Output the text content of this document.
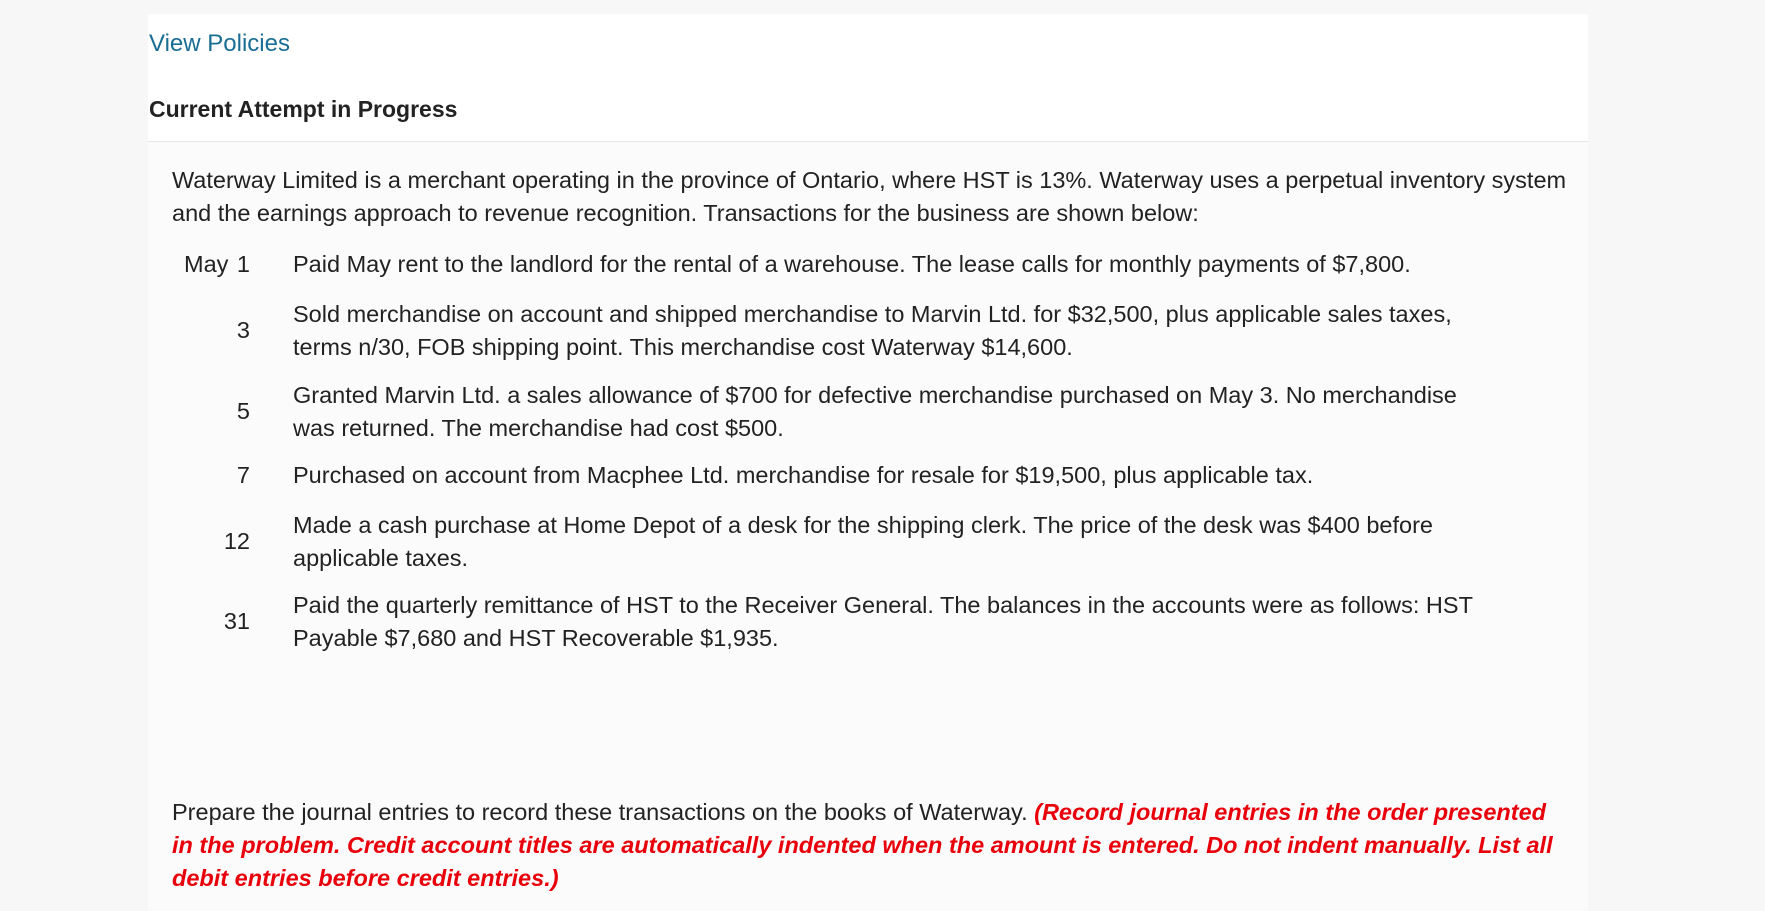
View Policies
Current Attempt in Progress
Waterway Limited is a merchant operating in the province of Ontario, where HST is 13%. Waterway uses a perpetual inventory system and the earnings approach to revenue recognition. Transactions for the business are shown below:
May 1 Paid May rent to the landlord for the rental of a warehouse. The lease calls for monthly payments of $7,800.
3
Sold merchandise on account and shipped merchandise to Marvin Ltd. for $32,500, plus applicable sales taxes, terms n/30, FOB shipping point. This merchandise cost Waterway $14,600.
5
Granted Marvin Ltd. a sales allowance of $700 for defective merchandise purchased on May 3. No merchandise was returned. The merchandise had cost $500.
7 Purchased on account from Macphee Ltd. merchandise for resale for $19,500, plus applicable tax.
12
Made a cash purchase at Home Depot of a desk for the shipping clerk. The price of the desk was $400 before applicable taxes.
31
Paid the quarterly remittance of HST to the Receiver General. The balances in the accounts were as follows: HST Payable $7,680 and HST Recoverable $1,935.
Prepare the journal entries to record these transactions on the books of Waterway. (Record journal entries in the order presented in the problem. Credit account titles are automatically indented when the amount is entered. Do not indent manually. List all debit entries before credit entries.)
